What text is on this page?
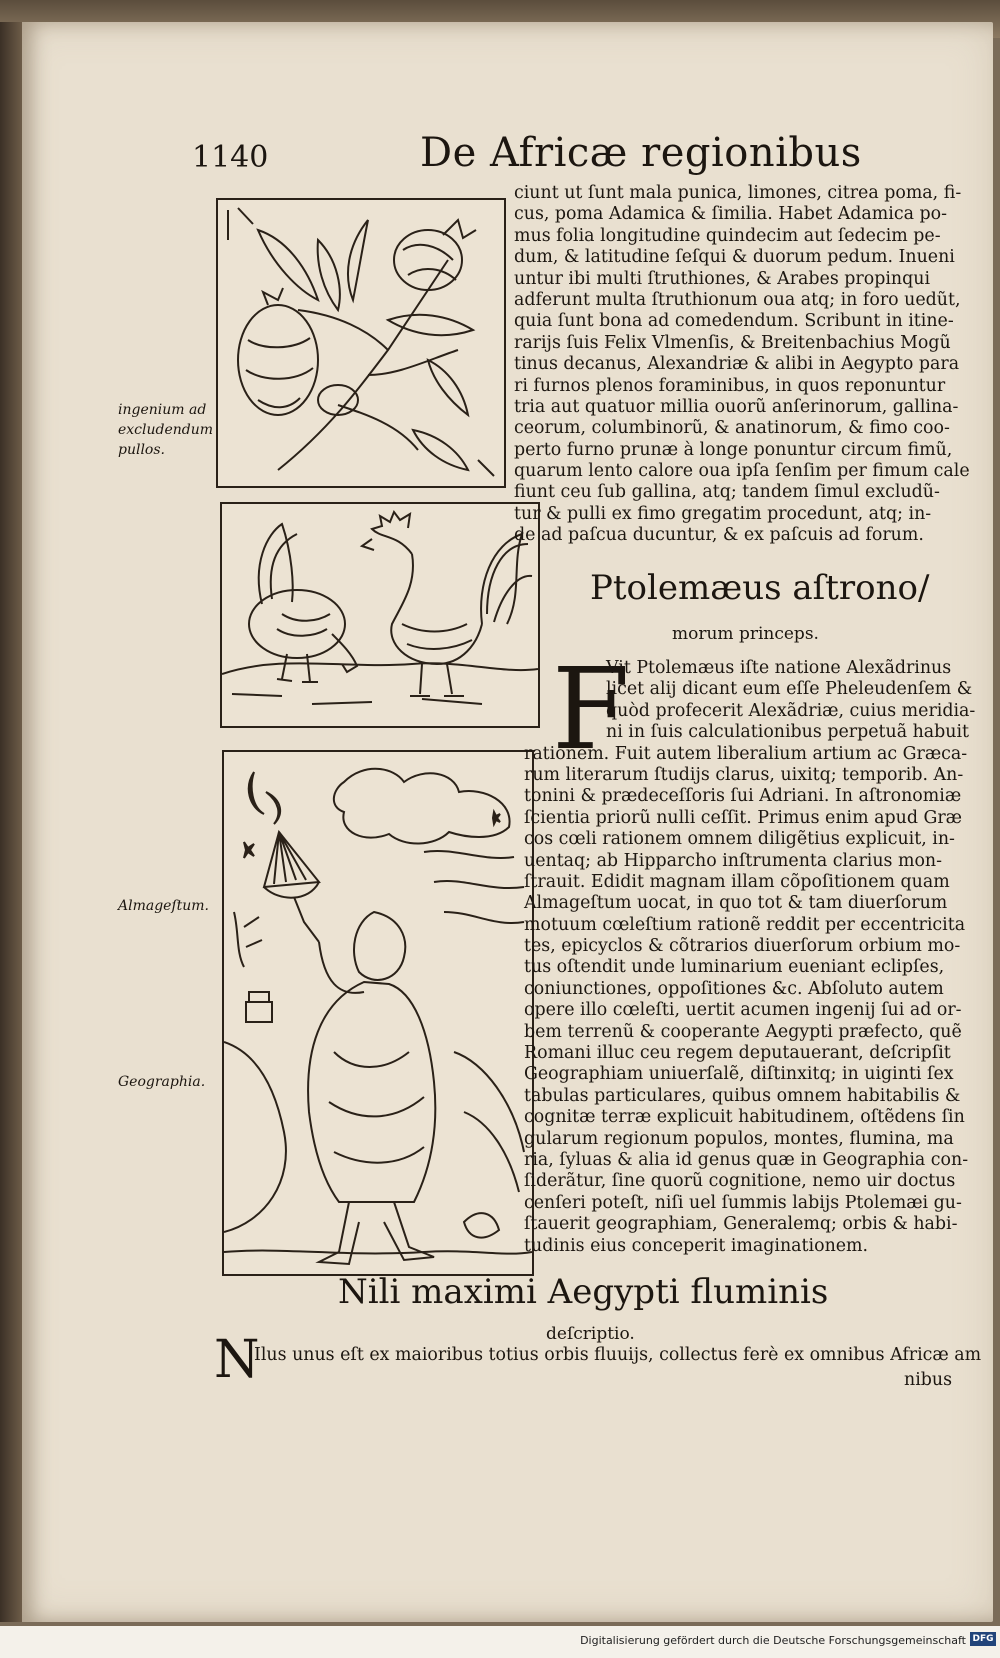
1140	De Africæ regionibus
ciunt ut ſunt mala punica, limones, citrea poma, fi-
cus, poma Adamica & ſimilia. Habet Adamica po-
mus folia longitudine quindecim aut ſedecim pe-
dum, & latitudine ſeſqui & duorum pedum. Inueni
untur ibi multi ſtruthiones, & Arabes propinqui
adferunt multa ſtruthionum oua atq; in foro uedũt,
quia ſunt bona ad comedendum. Scribunt in itine-
rarijs ſuis Felix Vlmenſis, & Breitenbachius Mogũ
tinus decanus, Alexandriæ & alibi in Aegypto para
ri furnos plenos foraminibus, in quos reponuntur
tria aut quatuor millia ouorũ anſerinorum, gallina-
ceorum, columbinorũ, & anatinorum, & fimo coo-
perto furno prunæ à longe ponuntur circum fimũ,
quarum lento calore oua ipſa ſenſim per fimum cale
fiunt ceu ſub gallina, atq; tandem ſimul excludũ-
tur & pulli ex fimo gregatim procedunt, atq; in-
de ad paſcua ducuntur, & ex paſcuis ad forum.
Ptolemæus aſtrono/
morum princeps.
F
Vit Ptolemæus iſte natione Alexãdrinus
licet alij dicant eum eſſe Pheleudenſem &
quòd profecerit Alexãdriæ, cuius meridia-
ni in ſuis calculationibus perpetuã habuit
rationem. Fuit autem liberalium artium ac Græca-
rum literarum ſtudijs clarus, uixitq; temporib. An-
tonini & prædeceſſoris ſui Adriani. In aſtronomiæ
ſcientia priorũ nulli ceſſit. Primus enim apud Græ
cos cœli rationem omnem diligẽtius explicuit, in-
uentaq; ab Hipparcho inſtrumenta clarius mon-
ſtrauit. Edidit magnam illam cõpoſitionem quam
Almageſtum uocat, in quo tot & tam diuerſorum
motuum cœleſtium rationẽ reddit per eccentricita
tes, epicyclos & cõtrarios diuerſorum orbium mo-
tus oſtendit unde luminarium eueniant eclipſes,
coniunctiones, oppoſitiones &c. Abſoluto autem
opere illo cœleſti, uertit acumen ingenij ſui ad or-
bem terrenũ & cooperante Aegypti præfecto, quẽ
Romani illuc ceu regem deputauerant, deſcripſit
Geographiam uniuerſalẽ, diſtinxitq; in uiginti ſex
tabulas particulares, quibus omnem habitabilis &
cognitæ terræ explicuit habitudinem, oſtẽdens ſin
gularum regionum populos, montes, flumina, ma
ria, ſyluas & alia id genus quæ in Geographia con-
ſiderãtur, ſine quorũ cognitione, nemo uir doctus
cenſeri poteſt, niſi uel ſummis labijs Ptolemæi gu-
ſtauerit geographiam, Generalemq; orbis & habi-
tudinis eius conceperit imaginationem.
Nili maximi Aegypti fluminis
deſcriptio.
N
Ilus unus eſt ex maioribus totius orbis fluuijs, collectus ferè ex omnibus Africæ am
nibus
ingenium ad
excludendum
pullos.
Almageſtum.
Geographia.
Digitalisierung gefördert durch die Deutsche Forschungsgemeinschaft DFG
